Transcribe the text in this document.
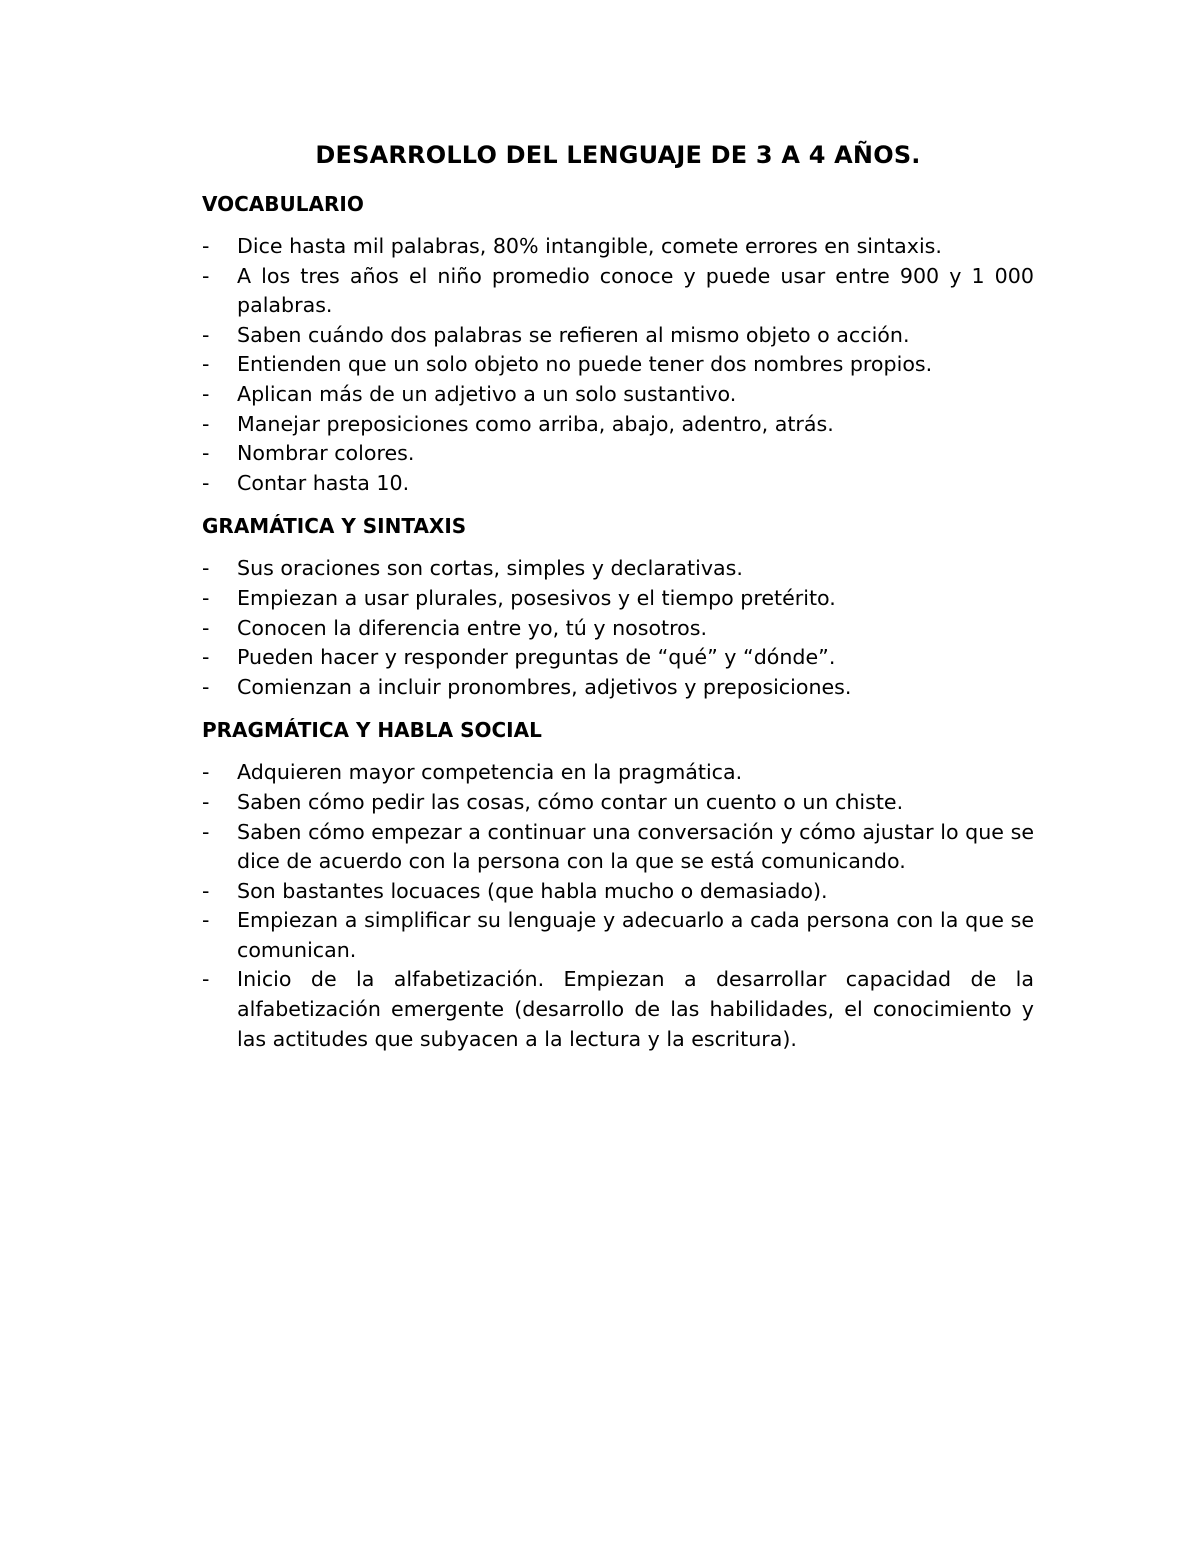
DESARROLLO DEL LENGUAJE DE 3 A 4 AÑOS.
VOCABULARIO
- Dice hasta mil palabras, 80% intangible, comete errores en sintaxis.
- A los tres años el niño promedio conoce y puede usar entre 900 y 1 000 palabras.
- Saben cuándo dos palabras se refieren al mismo objeto o acción.
- Entienden que un solo objeto no puede tener dos nombres propios.
- Aplican más de un adjetivo a un solo sustantivo.
- Manejar preposiciones como arriba, abajo, adentro, atrás.
- Nombrar colores.
- Contar hasta 10.
GRAMÁTICA Y SINTAXIS
- Sus oraciones son cortas, simples y declarativas.
- Empiezan a usar plurales, posesivos y el tiempo pretérito.
- Conocen la diferencia entre yo, tú y nosotros.
- Pueden hacer y responder preguntas de “qué” y “dónde”.
- Comienzan a incluir pronombres, adjetivos y preposiciones.
PRAGMÁTICA Y HABLA SOCIAL
- Adquieren mayor competencia en la pragmática.
- Saben cómo pedir las cosas, cómo contar un cuento o un chiste.
- Saben cómo empezar a continuar una conversación y cómo ajustar lo que se dice de acuerdo con la persona con la que se está comunicando.
- Son bastantes locuaces (que habla mucho o demasiado).
- Empiezan a simplificar su lenguaje y adecuarlo a cada persona con la que se comunican.
- Inicio de la alfabetización. Empiezan a desarrollar capacidad de la alfabetización emergente (desarrollo de las habilidades, el conocimiento y las actitudes que subyacen a la lectura y la escritura).
